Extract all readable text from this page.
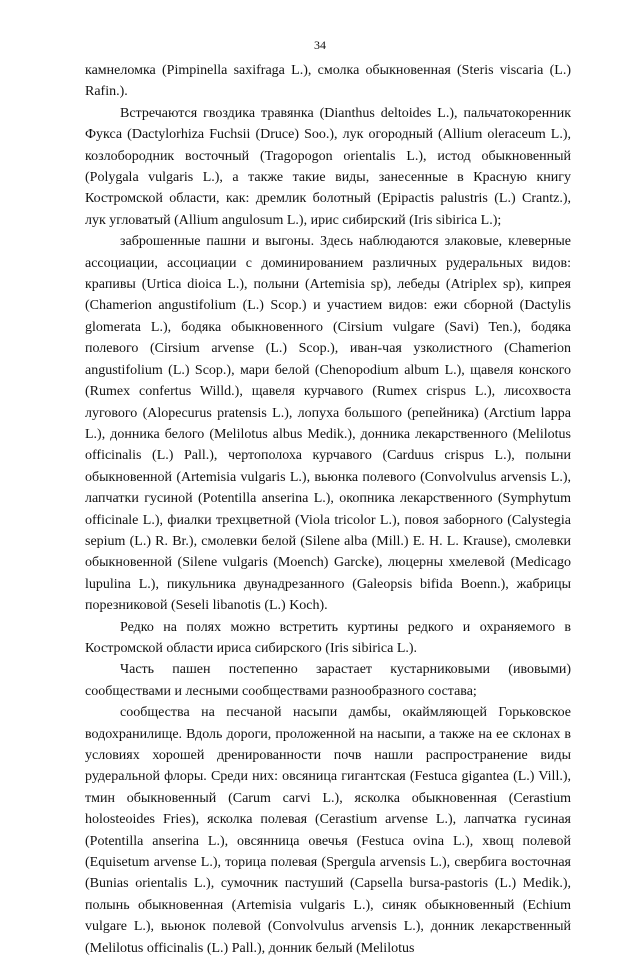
34

камнеломка (Pimpinella saxifraga L.), смолка обыкновенная (Steris viscaria (L.) Rafin.).

Встречаются гвоздика травянка (Dianthus deltoides L.), пальчатокоренник Фукса (Dactylorhiza Fuchsii (Druce) Soo.), лук огородный (Allium oleraceum L.), козлобородник восточный (Tragopogon orientalis L.), истод обыкновенный (Polygala vulgaris L.), а также такие виды, занесенные в Красную книгу Костромской области, как: дремлик болотный (Epipactis palustris (L.) Crantz.), лук угловатый (Allium angulosum L.), ирис сибирский (Iris sibirica L.);

заброшенные пашни и выгоны. Здесь наблюдаются злаковые, клеверные ассоциации, ассоциации с доминированием различных рудеральных видов: крапивы (Urtica dioica L.), полыни (Artemisia sp), лебеды (Atriplex sp), кипрея (Chamerion angustifolium (L.) Scop.) и участием видов: ежи сборной (Dactylis glomerata L.), бодяка обыкновенного (Cirsium vulgare (Savi) Ten.), бодяка полевого (Cirsium arvense (L.) Scop.), иван-чая узколистного (Chamerion angustifolium (L.) Scop.), мари белой (Chenopodium album L.), щавеля конского (Rumex confertus Willd.), щавеля курчавого (Rumex crispus L.), лисохвоста лугового (Alopecurus pratensis L.), лопуха большого (репейника) (Arctium lappa L.), донника белого (Melilotus albus Medik.), донника лекарственного (Melilotus officinalis (L.) Pall.), чертополоха курчавого (Carduus crispus L.), полыни обыкновенной (Artemisia vulgaris L.), вьюнка полевого (Convolvulus arvensis L.), лапчатки гусиной (Potentilla anserina L.), окопника лекарственного (Symphytum officinale L.), фиалки трехцветной (Viola tricolor L.), повоя заборного (Calystegia sepium (L.) R. Br.), смолевки белой (Silene alba (Mill.) E. H. L. Krause), смолевки обыкновенной (Silene vulgaris (Moench) Garcke), люцерны хмелевой (Medicago lupulina L.), пикульника двунадрезанного (Galeopsis bifida Boenn.), жабрицы порезниковой (Seseli libanotis (L.) Koch).

Редко на полях можно встретить куртины редкого и охраняемого в Костромской области ириса сибирского (Iris sibirica L.).

Часть пашен постепенно зарастает кустарниковыми (ивовыми) сообществами и лесными сообществами разнообразного состава;

сообщества на песчаной насыпи дамбы, окаймляющей Горьковское водохранилище. Вдоль дороги, проложенной на насыпи, а также на ее склонах в условиях хорошей дренированности почв нашли распространение виды рудеральной флоры. Среди них: овсяница гигантская (Festuca gigantea (L.) Vill.), тмин обыкновенный (Carum carvi L.), ясколка обыкновенная (Cerastium holosteoides Fries), ясколка полевая (Cerastium arvense L.), лапчатка гусиная (Potentilla anserina L.), овсянница овечья (Festuca ovina L.), хвощ полевой (Equisetum arvense L.), торица полевая (Spergula arvensis L.), свербига восточная (Bunias orientalis L.), сумочник пастуший (Capsella bursa-pastoris (L.) Medik.), полынь обыкновенная (Artemisia vulgaris L.), синяк обыкновенный (Echium vulgare L.), вьюнок полевой (Convolvulus arvensis L.), донник лекарственный (Melilotus officinalis (L.) Pall.), донник белый (Melilotus
